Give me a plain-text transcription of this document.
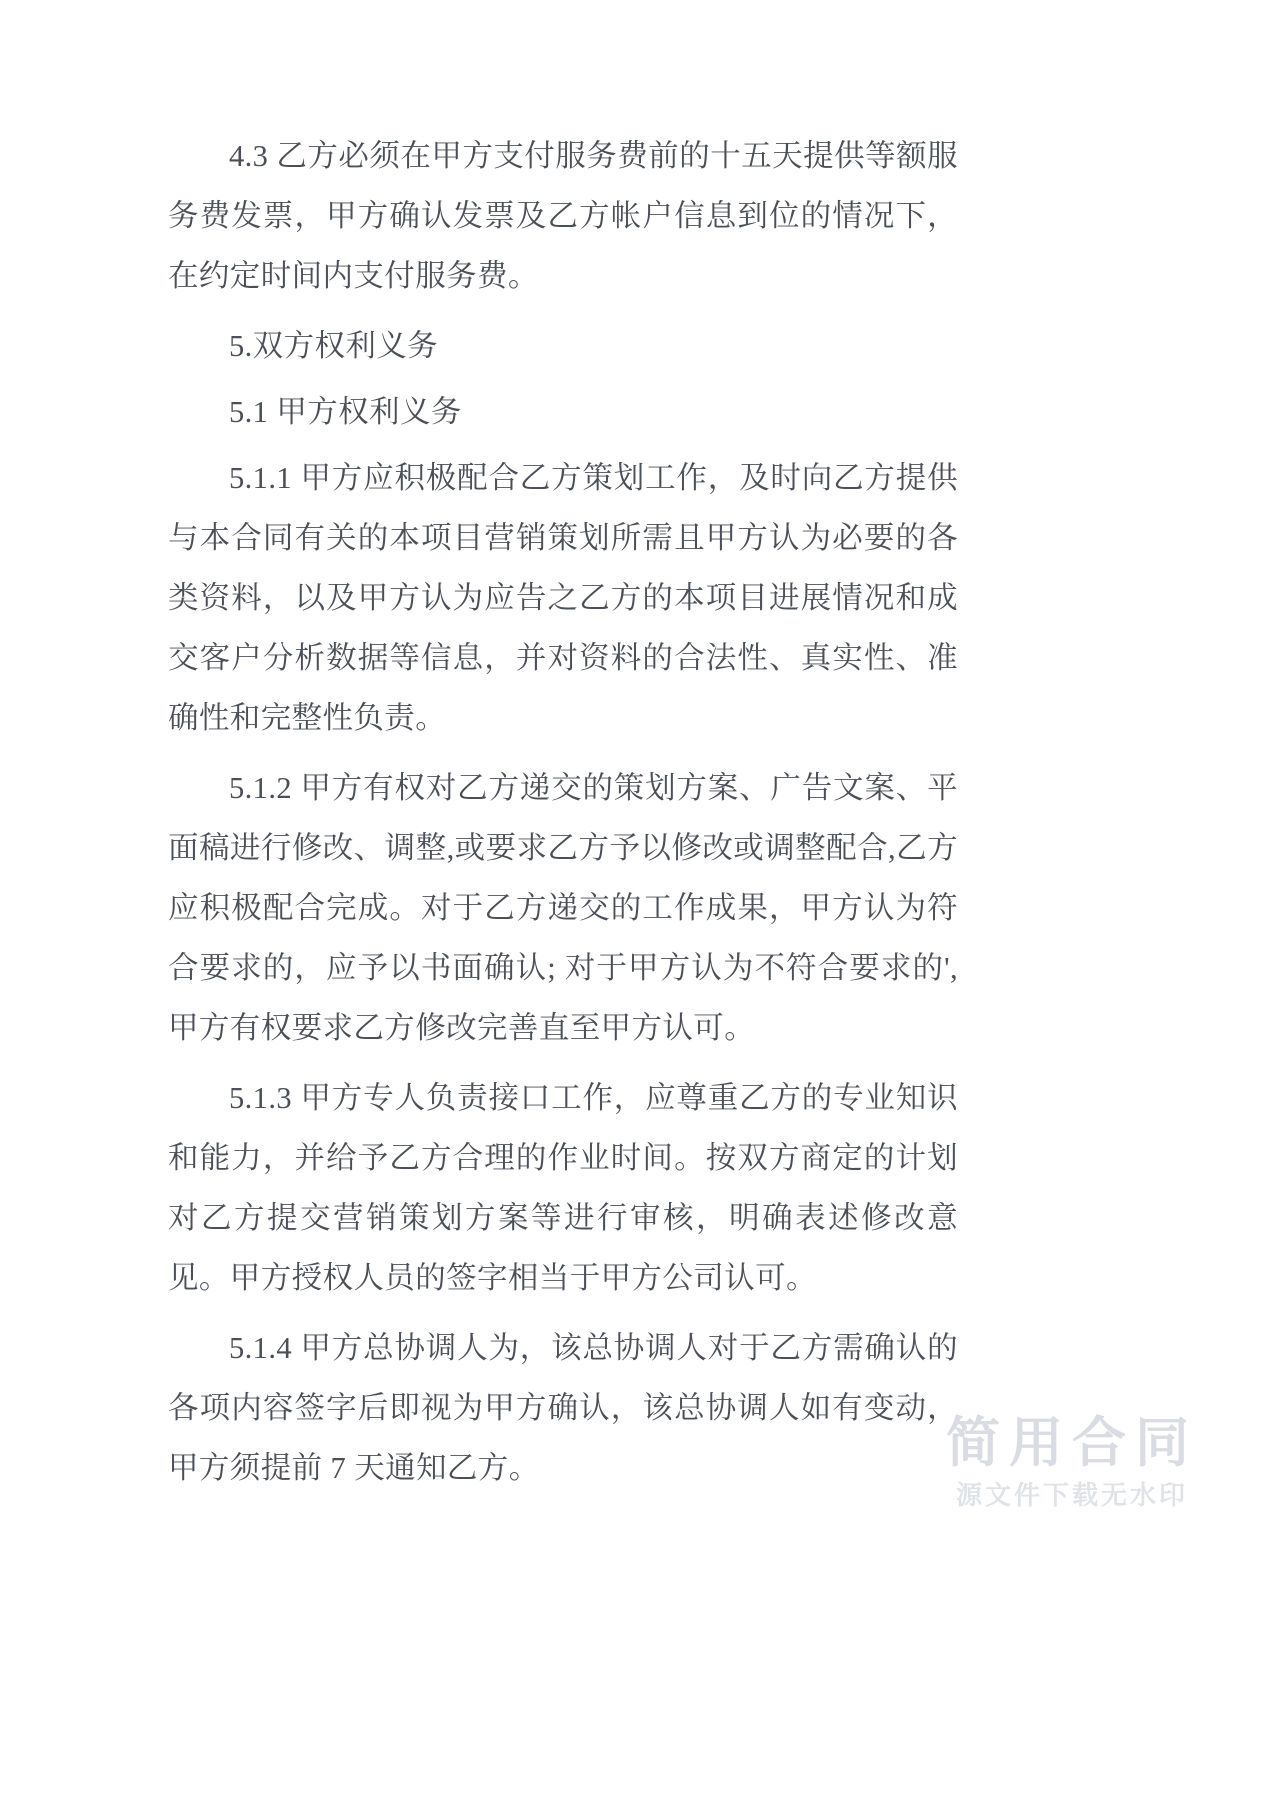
4.3 乙方必须在甲方支付服务费前的十五天提供等额服务费发票，甲方确认发票及乙方帐户信息到位的情况下，在约定时间内支付服务费。

5.双方权利义务

5.1 甲方权利义务

5.1.1 甲方应积极配合乙方策划工作，及时向乙方提供与本合同有关的本项目营销策划所需且甲方认为必要的各类资料，以及甲方认为应告之乙方的本项目进展情况和成交客户分析数据等信息，并对资料的合法性、真实性、准确性和完整性负责。

5.1.2 甲方有权对乙方递交的策划方案、广告文案、平面稿进行修改、调整,或要求乙方予以修改或调整配合,乙方应积极配合完成。对于乙方递交的工作成果，甲方认为符合要求的，应予以书面确认; 对于甲方认为不符合要求的',甲方有权要求乙方修改完善直至甲方认可。

5.1.3 甲方专人负责接口工作，应尊重乙方的专业知识和能力，并给予乙方合理的作业时间。按双方商定的计划对乙方提交营销策划方案等进行审核，明确表述修改意见。甲方授权人员的签字相当于甲方公司认可。

5.1.4 甲方总协调人为，该总协调人对于乙方需确认的各项内容签字后即视为甲方确认，该总协调人如有变动，甲方须提前 7 天通知乙方。	简用合同
源文件下载无水印
